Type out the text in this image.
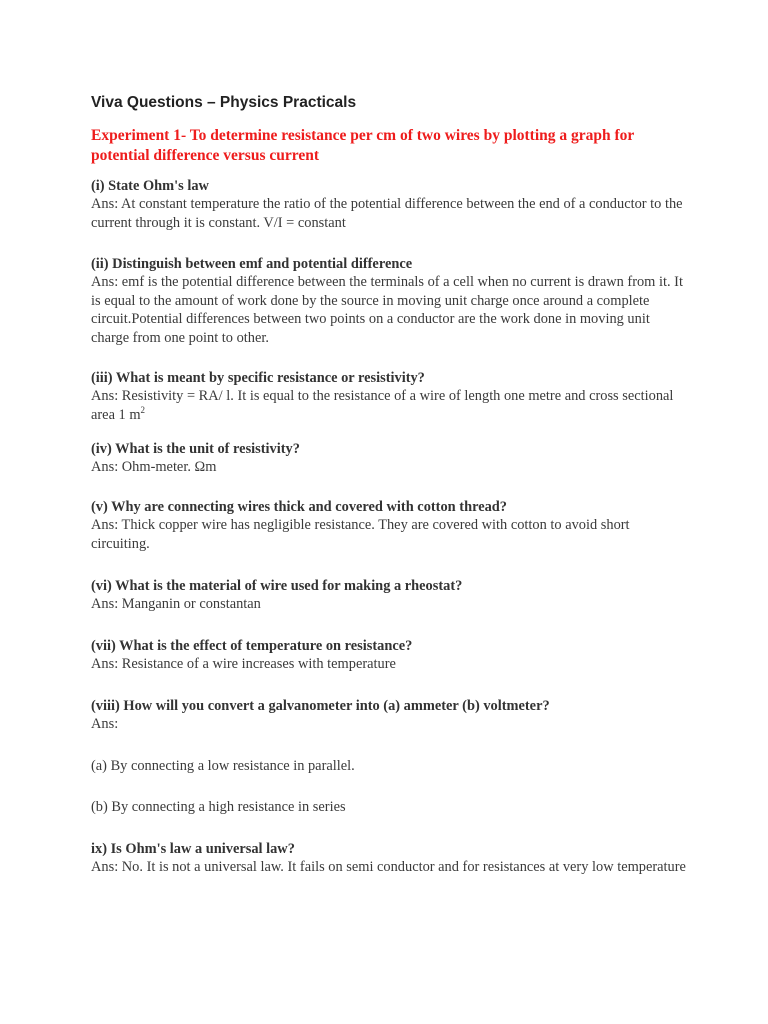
Viva Questions – Physics Practicals
Experiment 1- To determine resistance per cm of two wires by plotting a graph for potential difference versus current
(i) State Ohm's law
Ans: At constant temperature the ratio of the potential difference between the end of a conductor to the current through it is constant. V/I = constant
(ii) Distinguish between emf and potential difference
Ans: emf is the potential difference between the terminals of a cell when no current is drawn from it. It is equal to the amount of work done by the source in moving unit charge once around a complete circuit.Potential differences between two points on a conductor are the work done in moving unit charge from one point to other.
(iii) What is meant by specific resistance or resistivity?
Ans: Resistivity = RA/ l. It is equal to the resistance of a wire of length one metre and cross sectional area 1 $m^2$
(iv) What is the unit of resistivity?
Ans: Ohm-meter. Ωm
(v) Why are connecting wires thick and covered with cotton thread?
Ans: Thick copper wire has negligible resistance. They are covered with cotton to avoid short circuiting.
(vi) What is the material of wire used for making a rheostat?
Ans: Manganin or constantan
(vii) What is the effect of temperature on resistance?
Ans: Resistance of a wire increases with temperature
(viii) How will you convert a galvanometer into (a) ammeter (b) voltmeter?
Ans:
(a) By connecting a low resistance in parallel.
(b) By connecting a high resistance in series
ix) Is Ohm's law a universal law?
Ans: No. It is not a universal law. It fails on semi conductor and for resistances at very low temperature
